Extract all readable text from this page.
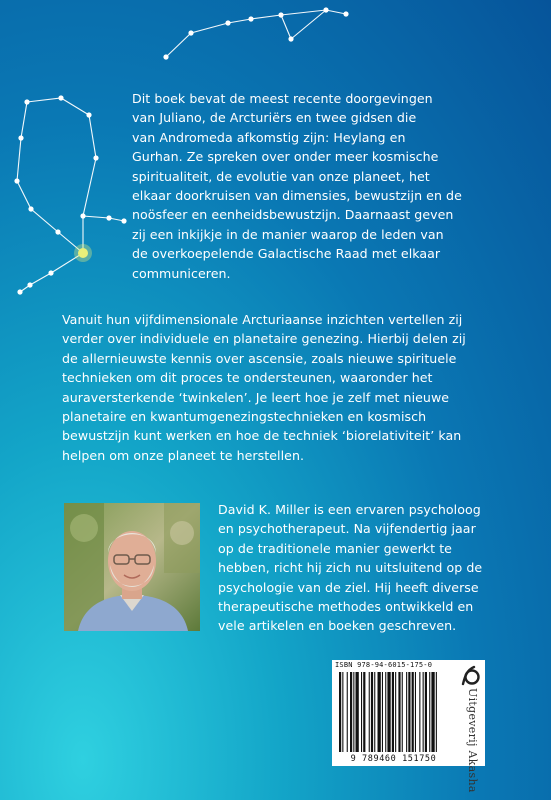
Dit boek bevat de meest recente doorgevingen
van Juliano, de Arcturiërs en twee gidsen die
van Andromeda afkomstig zijn: Heylang en
Gurhan. Ze spreken over onder meer kosmische
spiritualiteit, de evolutie van onze planeet, het
elkaar doorkruisen van dimensies, bewustzijn en de
noösfeer en eenheidsbewustzijn. Daarnaast geven
zij een inkijkje in de manier waarop de leden van
de overkoepelende Galactische Raad met elkaar
communiceren.

Vanuit hun vijfdimensionale Arcturiaanse inzichten vertellen zij
verder over individuele en planetaire genezing. Hierbij delen zij
de allernieuwste kennis over ascensie, zoals nieuwe spirituele
technieken om dit proces te ondersteunen, waaronder het
auraversterkende ‘twinkelen’. Je leert hoe je zelf met nieuwe
planetaire en kwantumgenezingstechnieken en kosmisch
bewustzijn kunt werken en hoe de techniek ‘biorelativiteit’ kan
helpen om onze planeet te herstellen.

David K. Miller is een ervaren psycholoog
en psychotherapeut. Na vijfendertig jaar
op de traditionele manier gewerkt te
hebben, richt hij zich nu uitsluitend op de
psychologie van de ziel. Hij heeft diverse
therapeutische methodes ontwikkeld en
vele artikelen en boeken geschreven.

ISBN 978-94-6015-175-0
9 789460 151750	Uitgeverij Akasha
